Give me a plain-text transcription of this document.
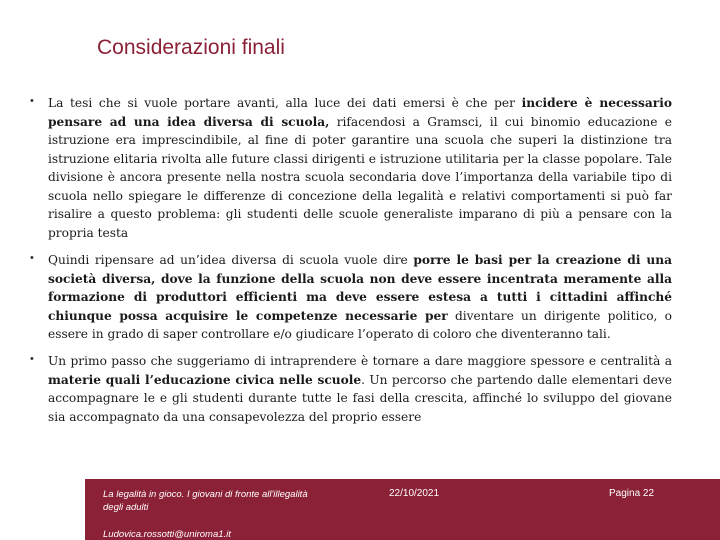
Considerazioni finali
• La tesi che si vuole portare avanti, alla luce dei dati emersi è che per incidere è necessario pensare ad una idea diversa di scuola, rifacendosi a Gramsci, il cui binomio educazione e istruzione era imprescindibile, al fine di poter garantire una scuola che superi la distinzione tra istruzione elitaria rivolta alle future classi dirigenti e istruzione utilitaria per la classe popolare. Tale divisione è ancora presente nella nostra scuola secondaria dove l’importanza della variabile tipo di scuola nello spiegare le differenze di concezione della legalità e relativi comportamenti si può far risalire a questo problema: gli studenti delle scuole generaliste imparano di più a pensare con la propria testa
• Quindi ripensare ad un’idea diversa di scuola vuole dire porre le basi per la creazione di una società diversa, dove la funzione della scuola non deve essere incentrata meramente alla formazione di produttori efficienti ma deve essere estesa a tutti i cittadini affinché chiunque possa acquisire le competenze necessarie per diventare un dirigente politico, o essere in grado di saper controllare e/o giudicare l’operato di coloro che diventeranno tali.
• Un primo passo che suggeriamo di intraprendere è tornare a dare maggiore spessore e centralità a materie quali l’educazione civica nelle scuole. Un percorso che partendo dalle elementari deve accompagnare le e gli studenti durante tutte le fasi della crescita, affinché lo sviluppo del giovane sia accompagnato da una consapevolezza del proprio essere
La legalità in gioco. I giovani di fronte all'illegalità degli adulti
Ludovica.rossotti@uniroma1.it
22/10/2021	Pagina 22
